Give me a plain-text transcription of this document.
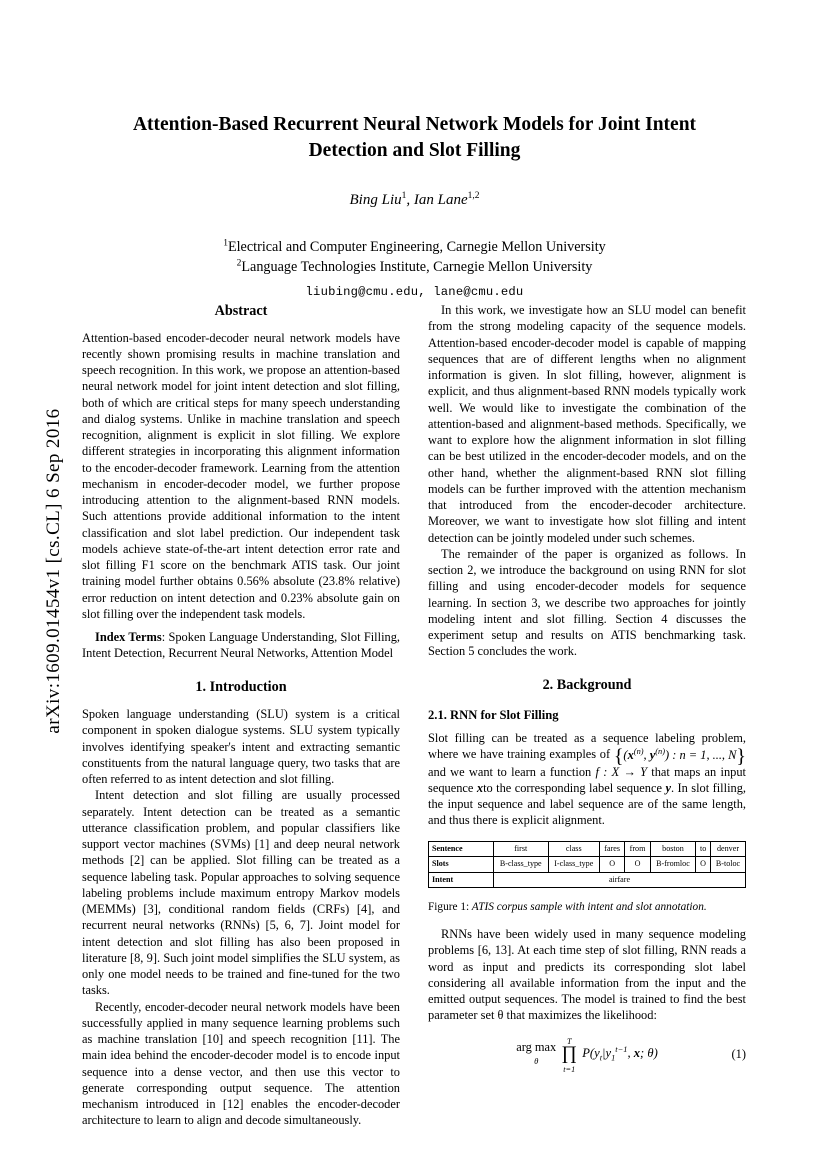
arXiv:1609.01454v1 [cs.CL] 6 Sep 2016
Attention-Based Recurrent Neural Network Models for Joint Intent Detection and Slot Filling
Bing Liu$^1$, Ian Lane$^{1,2}$
$^1$Electrical and Computer Engineering, Carnegie Mellon University
$^2$Language Technologies Institute, Carnegie Mellon University
liubing@cmu.edu, lane@cmu.edu
Abstract

Attention-based encoder-decoder neural network models have recently shown promising results in machine translation and speech recognition. In this work, we propose an attention-based neural network model for joint intent detection and slot filling, both of which are critical steps for many speech understanding and dialog systems. Unlike in machine translation and speech recognition, alignment is explicit in slot filling. We explore different strategies in incorporating this alignment information to the encoder-decoder framework. Learning from the attention mechanism in encoder-decoder model, we further propose introducing attention to the alignment-based RNN models. Such attentions provide additional information to the intent classification and slot label prediction. Our independent task models achieve state-of-the-art intent detection error rate and slot filling F1 score on the benchmark ATIS task. Our joint training model further obtains 0.56% absolute (23.8% relative) error reduction on intent detection and 0.23% absolute gain on slot filling over the independent task models.

Index Terms: Spoken Language Understanding, Slot Filling, Intent Detection, Recurrent Neural Networks, Attention Model

1. Introduction

Spoken language understanding (SLU) system is a critical component in spoken dialogue systems. SLU system typically involves identifying speaker's intent and extracting semantic constituents from the natural language query, two tasks that are often referred to as intent detection and slot filling.

Intent detection and slot filling are usually processed separately. Intent detection can be treated as a semantic utterance classification problem, and popular classifiers like support vector machines (SVMs) [1] and deep neural network methods [2] can be applied. Slot filling can be treated as a sequence labeling task. Popular approaches to solving sequence labeling problems include maximum entropy Markov models (MEMMs) [3], conditional random fields (CRFs) [4], and recurrent neural networks (RNNs) [5, 6, 7]. Joint model for intent detection and slot filling has also been proposed in literature [8, 9]. Such joint model simplifies the SLU system, as only one model needs to be trained and fine-tuned for the two tasks.

Recently, encoder-decoder neural network models have been successfully applied in many sequence learning problems such as machine translation [10] and speech recognition [11]. The main idea behind the encoder-decoder model is to encode input sequence into a dense vector, and then use this vector to generate corresponding output sequence. The attention mechanism introduced in [12] enables the encoder-decoder architecture to learn to align and decode simultaneously.

In this work, we investigate how an SLU model can benefit from the strong modeling capacity of the sequence models. Attention-based encoder-decoder model is capable of mapping sequences that are of different lengths when no alignment information is given. In slot filling, however, alignment is explicit, and thus alignment-based RNN models typically work well. We would like to investigate the combination of the attention-based and alignment-based methods. Specifically, we want to explore how the alignment information in slot filling can be best utilized in the encoder-decoder models, and on the other hand, whether the alignment-based RNN slot filling models can be further improved with the attention mechanism that introduced from the encoder-decoder architecture. Moreover, we want to investigate how slot filling and intent detection can be jointly modeled under such schemes.

The remainder of the paper is organized as follows. In section 2, we introduce the background on using RNN for slot filling and using encoder-decoder models for sequence learning. In section 3, we describe two approaches for jointly modeling intent and slot filling. Section 4 discusses the experiment setup and results on ATIS benchmarking task. Section 5 concludes the work.

2. Background
2.1. RNN for Slot Filling

Slot filling can be treated as a sequence labeling problem, where we have training examples of {($x^{(n)}$, $y^{(n)}$) : n = 1, ..., N} and we want to learn a function f : X → Y that maps an input sequence xto the corresponding label sequence y. In slot filling, the input sequence and label sequence are of the same length, and thus there is explicit alignment.

Sentence	first	class	fares	from	boston	to	denver
Slots	B-class_type	I-class_type	O	O	B-fromloc	O	B-toloc
Intent	airfare						
Figure 1: ATIS corpus sample with intent and slot annotation.

RNNs have been widely used in many sequence modeling problems [6, 13]. At each time step of slot filling, RNN reads a word as input and predicts its corresponding slot label considering all available information from the input and the emitted output sequences. The model is trained to find the best parameter set θ that maximizes the likelihood:

arg max
θ T
∏
t=1 $P(y_t|y_1^{t-1}$, x; θ)	(1)
